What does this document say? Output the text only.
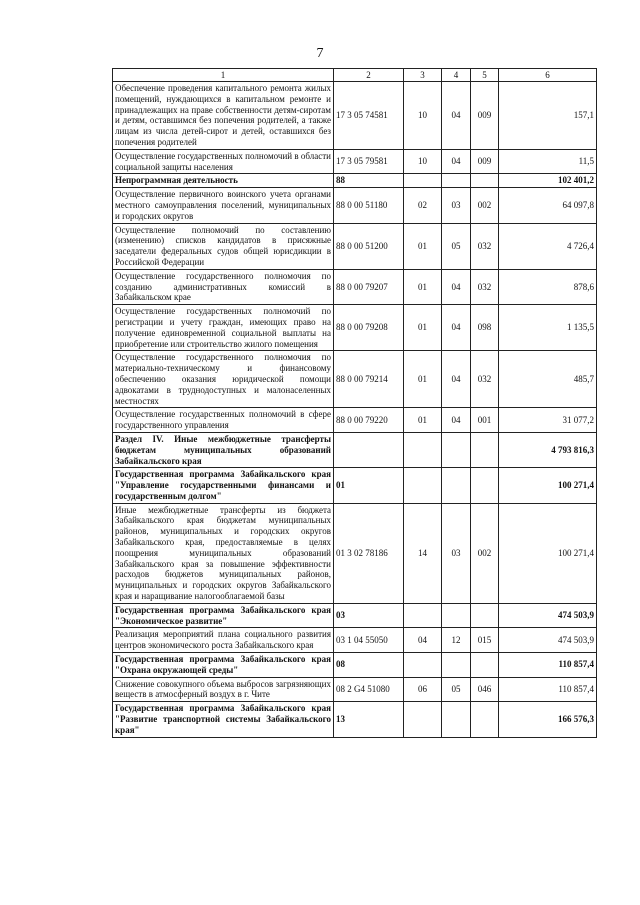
7
1	2	3	4	5	6
Обеспечение проведения капитального ремонта жилых помещений, нуждающихся в капитальном ремонте и принадлежащих на праве собственности детям-сиротам и детям, оставшимся без попечения родителей, а также лицам из числа детей-сирот и детей, оставшихся без попечения родителей	17 3 05 74581	10	04	009	157,1
Осуществление государственных полномочий в области социальной защиты населения	17 3 05 79581	10	04	009	11,5
Непрограммная деятельность	88				102 401,2
Осуществление первичного воинского учета органами местного самоуправления поселений, муниципальных и городских округов	88 0 00 51180	02	03	002	64 097,8
Осуществление полномочий по составлению (изменению) списков кандидатов в присяжные заседатели федеральных судов общей юрисдикции в Российской Федерации	88 0 00 51200	01	05	032	4 726,4
Осуществление государственного полномочия по созданию административных комиссий в Забайкальском крае	88 0 00 79207	01	04	032	878,6
Осуществление государственных полномочий по регистрации и учету граждан, имеющих право на получение единовременной социальной выплаты на приобретение или строительство жилого помещения	88 0 00 79208	01	04	098	1 135,5
Осуществление государственного полномочия по материально-техническому и финансовому обеспечению оказания юридической помощи адвокатами в труднодоступных и малонаселенных местностях	88 0 00 79214	01	04	032	485,7
Осуществление государственных полномочий в сфере государственного управления	88 0 00 79220	01	04	001	31 077,2
Раздел IV. Иные межбюджетные трансферты бюджетам муниципальных образований Забайкальского края					4 793 816,3
Государственная программа Забайкальского края "Управление государственными финансами и государственным долгом"	01				100 271,4
Иные межбюджетные трансферты из бюджета Забайкальского края бюджетам муниципальных районов, муниципальных и городских округов Забайкальского края, предоставляемые в целях поощрения муниципальных образований Забайкальского края за повышение эффективности расходов бюджетов муниципальных районов, муниципальных и городских округов Забайкальского края и наращивание налогооблагаемой базы	01 3 02 78186	14	03	002	100 271,4
Государственная программа Забайкальского края "Экономическое развитие"	03				474 503,9
Реализация мероприятий плана социального развития центров экономического роста Забайкальского края	03 1 04 55050	04	12	015	474 503,9
Государственная программа Забайкальского края "Охрана окружающей среды"	08				110 857,4
Снижение совокупного объема выбросов загрязняющих веществ в атмосферный воздух в г. Чите	08 2 G4 51080	06	05	046	110 857,4
Государственная программа Забайкальского края "Развитие транспортной системы Забайкальского края"	13				166 576,3
